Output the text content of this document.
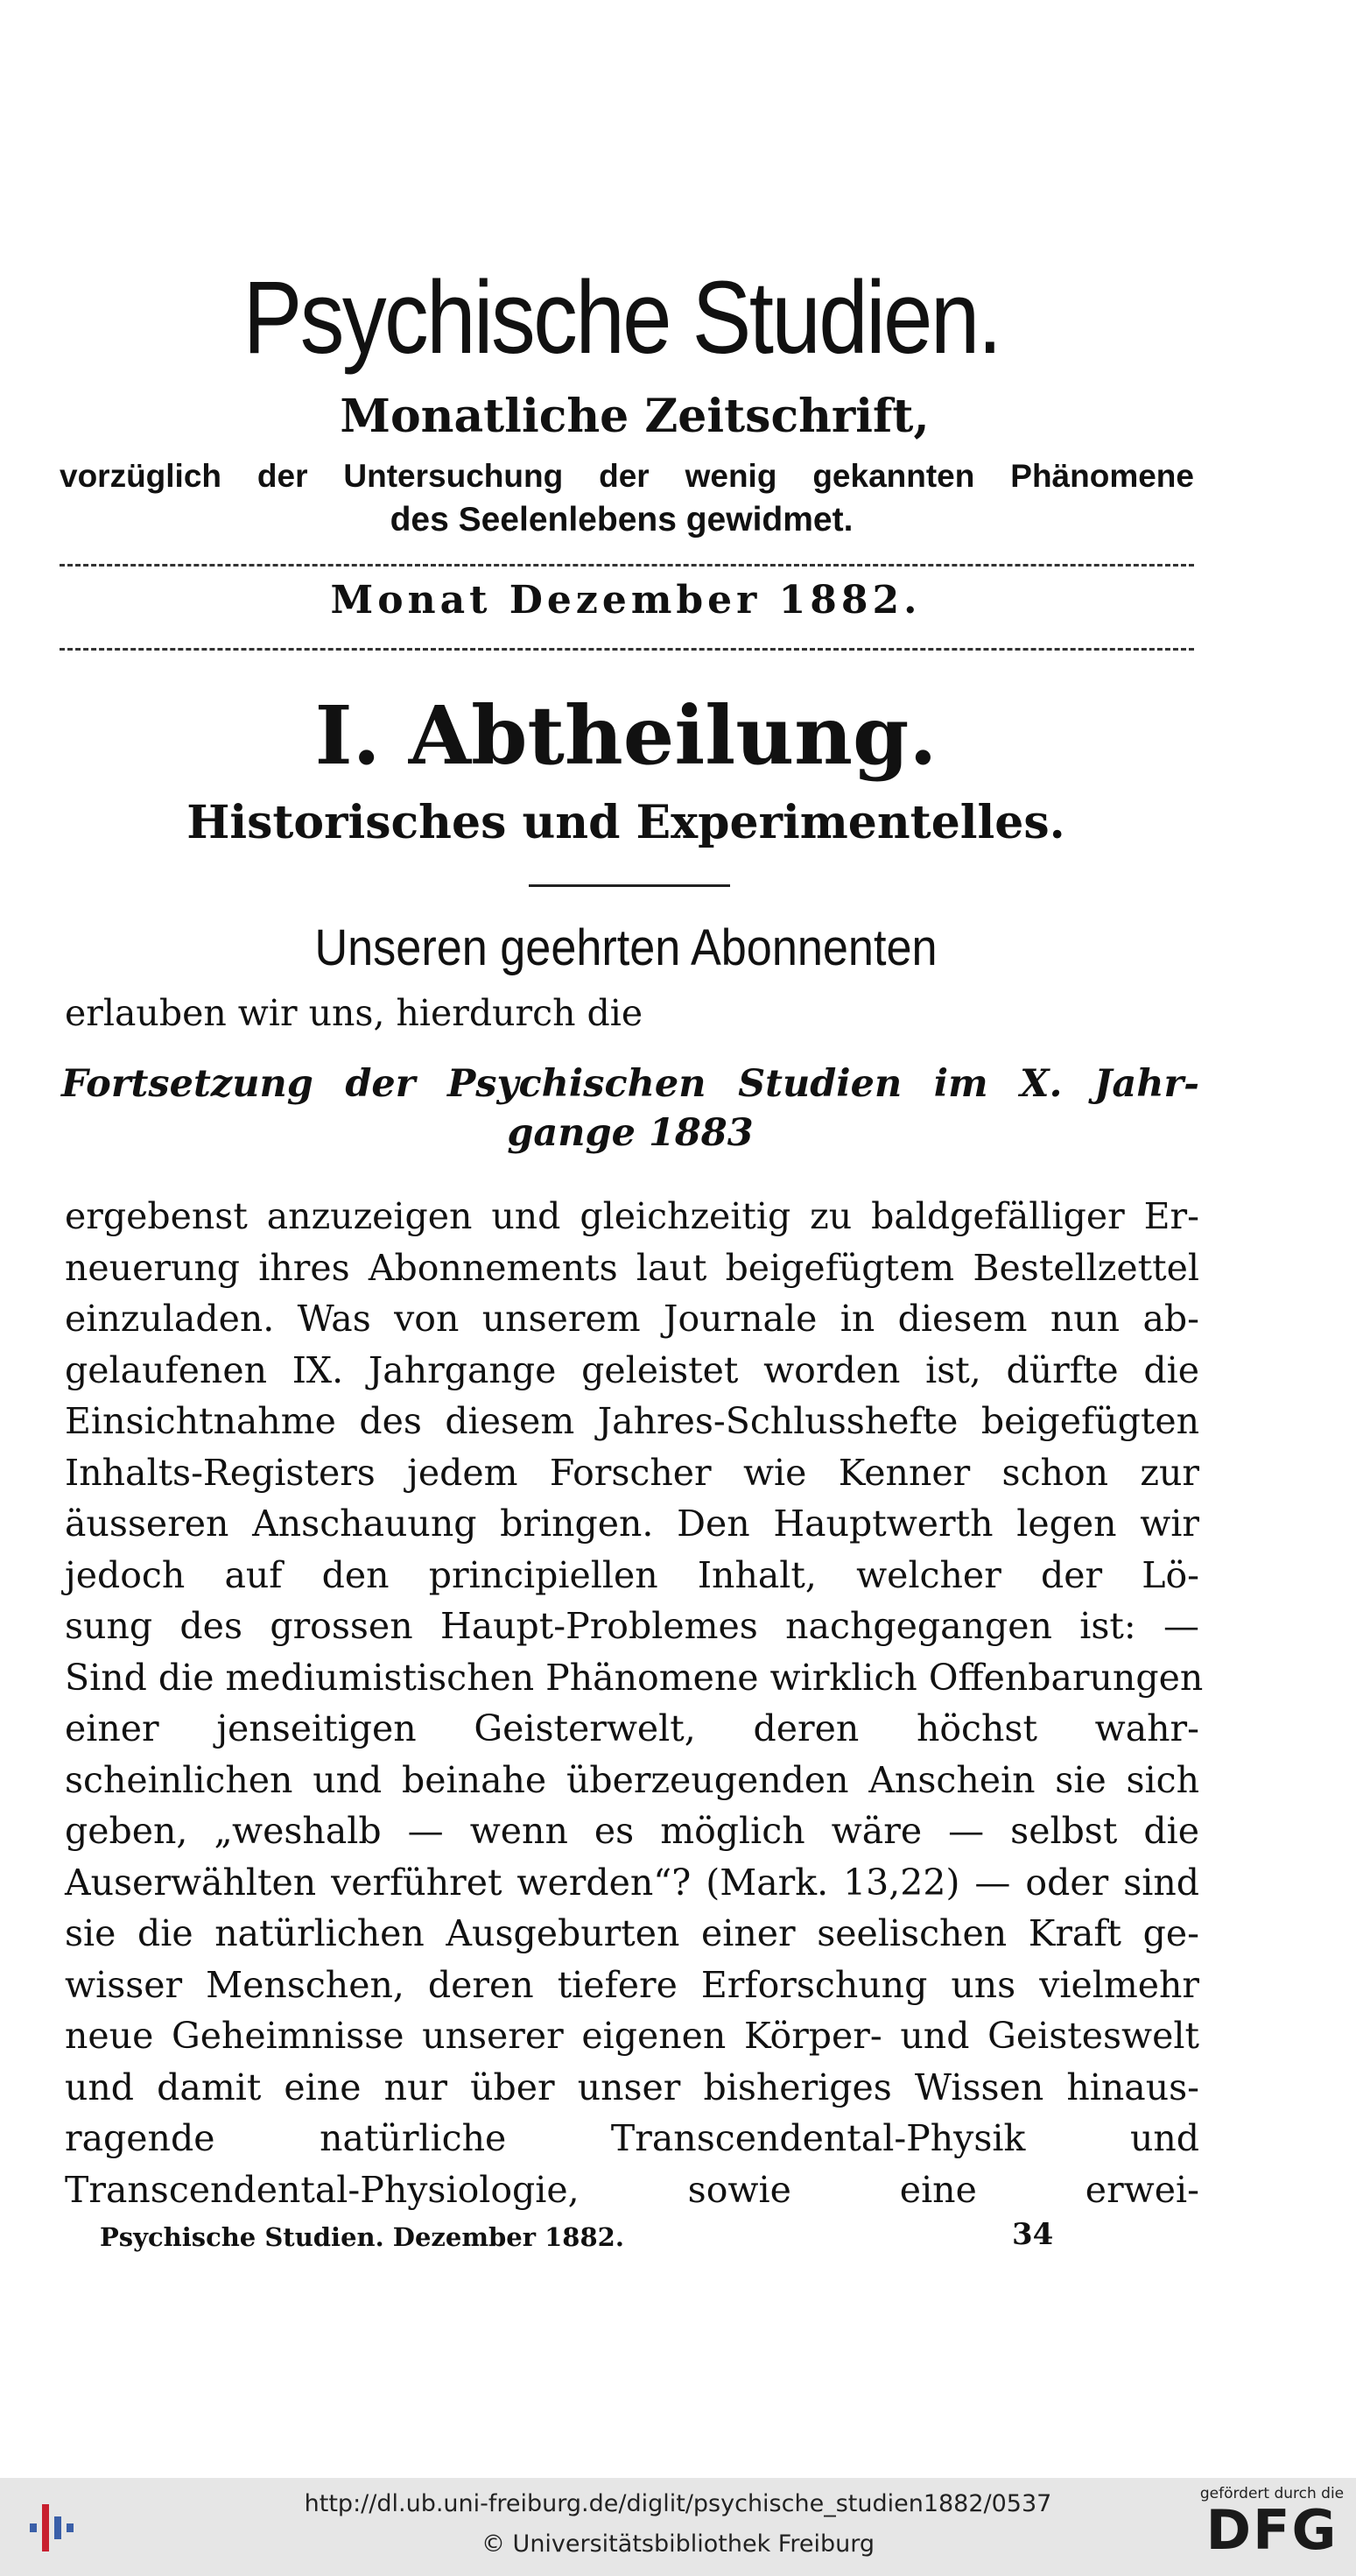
Psychische Studien.
Monatliche Zeitschrift,
vorzüglich der Untersuchung der wenig gekannten Phänomene
des Seelenlebens gewidmet.
Monat Dezember 1882.
I. Abtheilung.
Historisches und Experimentelles.
Unseren geehrten Abonnenten
erlauben wir uns, hierdurch die
Fortsetzung der Psychischen Studien im X. Jahr-
gange 1883
ergebenst anzuzeigen und gleichzeitig zu baldgefälliger Er-
neuerung ihres Abonnements laut beigefügtem Bestellzettel
einzuladen. Was von unserem Journale in diesem nun ab-
gelaufenen IX. Jahrgange geleistet worden ist, dürfte die
Einsichtnahme des diesem Jahres-Schlusshefte beigefügten
Inhalts-Registers jedem Forscher wie Kenner schon zur
äusseren Anschauung bringen. Den Hauptwerth legen wir
jedoch auf den principiellen Inhalt, welcher der Lö-
sung des grossen Haupt-Problemes nachgegangen ist: —
Sind die mediumistischen Phänomene wirklich Offenbarungen
einer jenseitigen Geisterwelt, deren höchst wahr-
scheinlichen und beinahe überzeugenden Anschein sie sich
geben, „weshalb — wenn es möglich wäre — selbst die
Auserwählten verführet werden“? (Mark. 13,22) — oder sind
sie die natürlichen Ausgeburten einer seelischen Kraft ge-
wisser Menschen, deren tiefere Erforschung uns vielmehr
neue Geheimnisse unserer eigenen Körper- und Geisteswelt
und damit eine nur über unser bisheriges Wissen hinaus-
ragende natürliche Transcendental-Physik und
Transcendental-Physiologie, sowie eine erwei-
Psychische Studien. Dezember 1882.	34
http://dl.ub.uni-freiburg.de/diglit/psychische_studien1882/0537
© Universitätsbibliothek Freiburg
gefördert durch die
DFG
